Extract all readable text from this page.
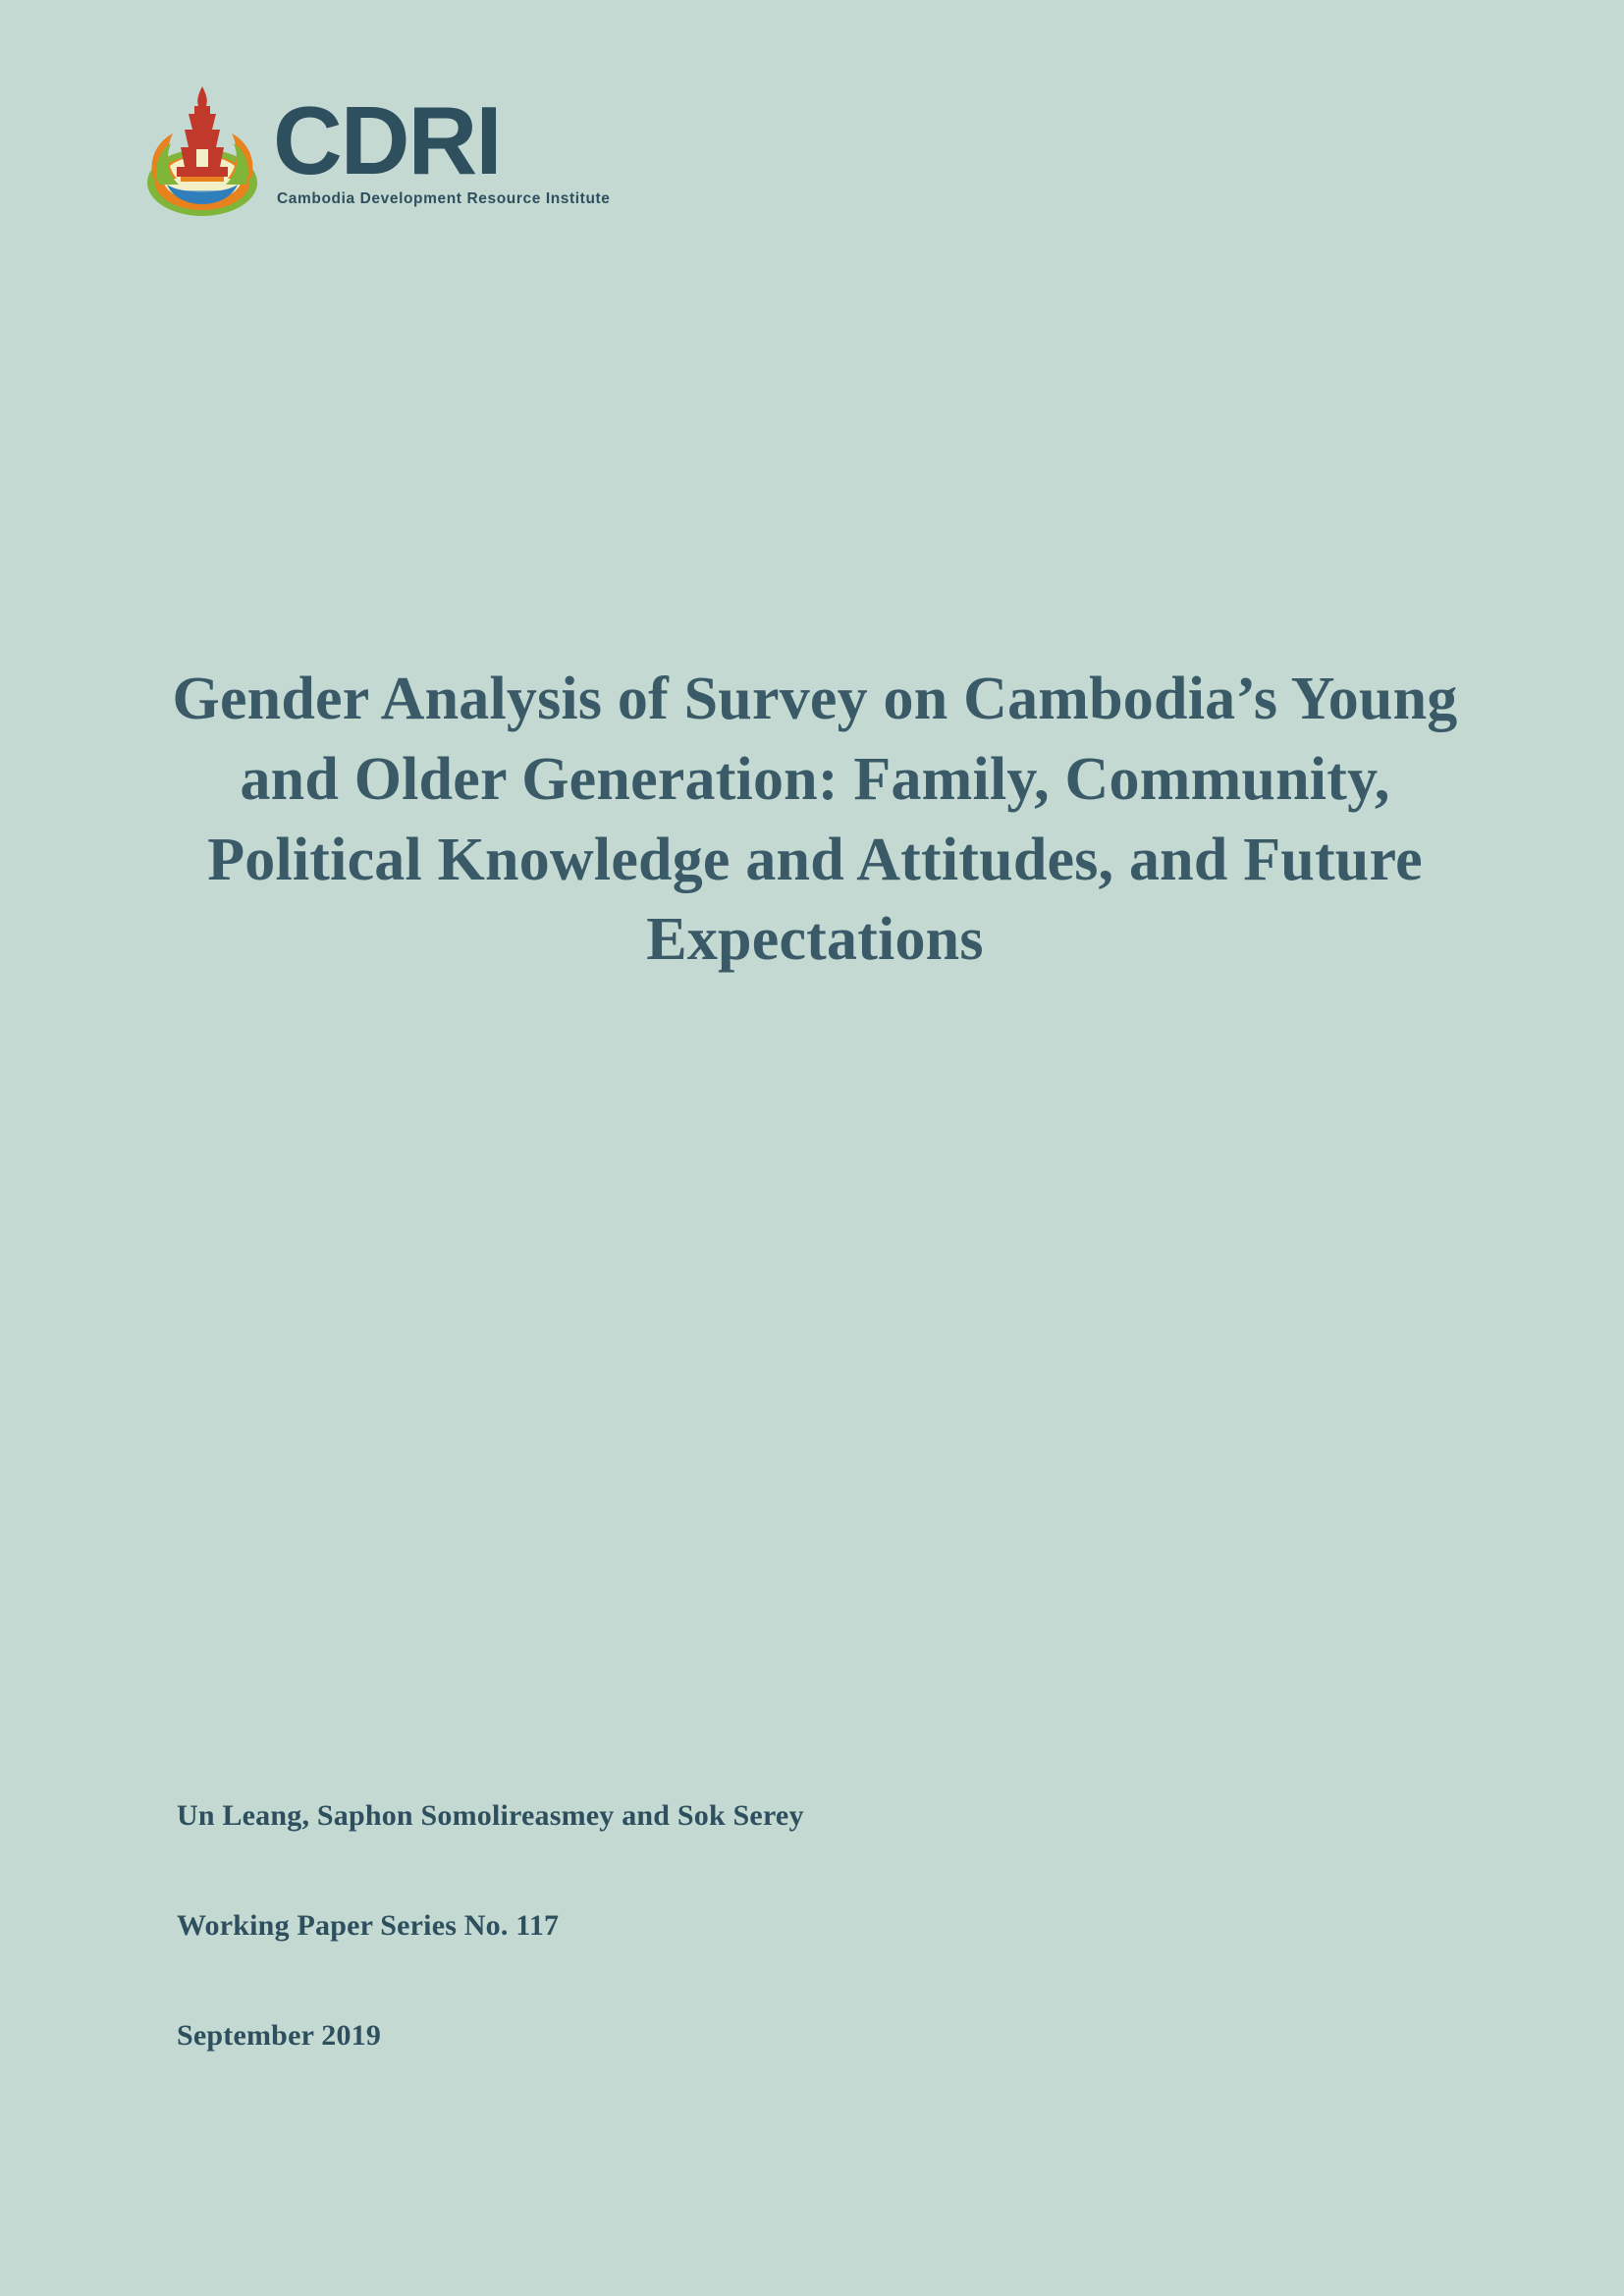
CDRI
Cambodia Development Resource Institute
Gender Analysis of Survey on Cambodia’s Young and Older Generation: Family, Community, Political Knowledge and Attitudes, and Future Expectations
Un Leang, Saphon Somolireasmey and Sok Serey
Working Paper Series No. 117
September 2019
